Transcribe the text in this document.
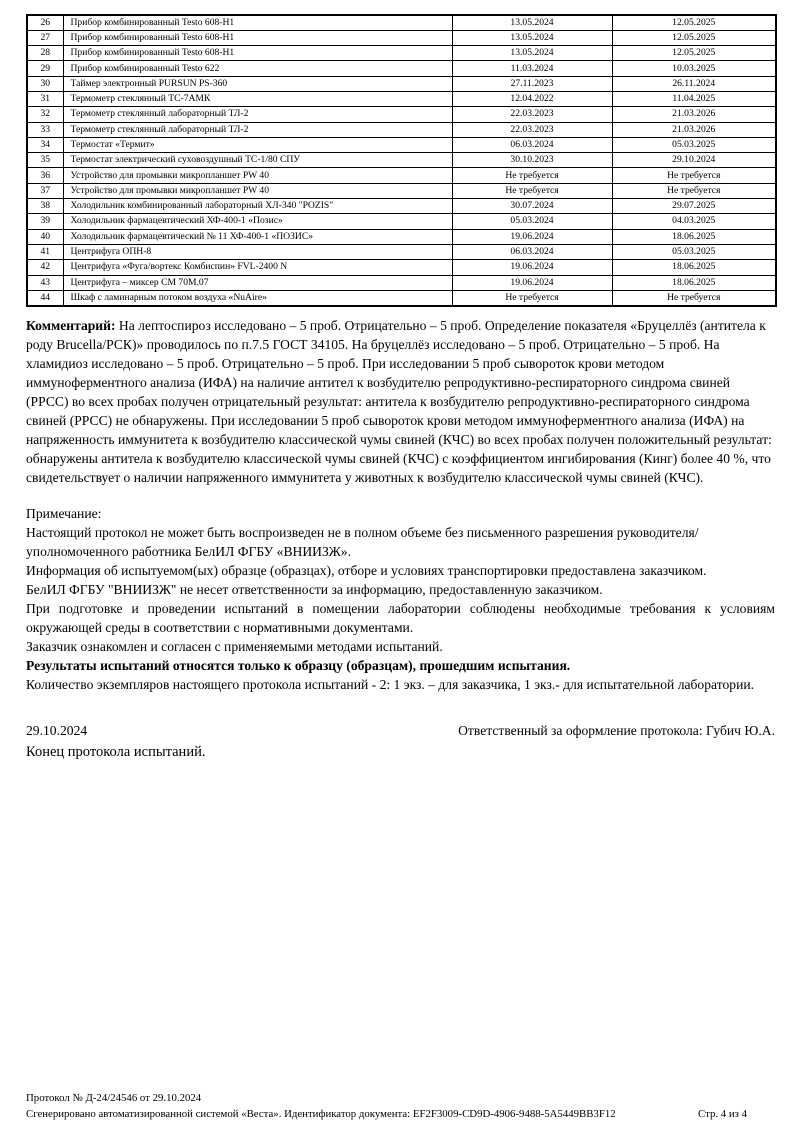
26	Прибор комбинированный Testo 608-Н1	13.05.2024	12.05.2025
27	Прибор комбинированный Testo 608-Н1	13.05.2024	12.05.2025
28	Прибор комбинированный Testo 608-Н1	13.05.2024	12.05.2025
29	Прибор комбинированный Testo 622	11.03.2024	10.03.2025
30	Таймер электронный PURSUN PS-360	27.11.2023	26.11.2024
31	Термометр стеклянный ТС-7АМК	12.04.2022	11.04.2025
32	Термометр стеклянный лабораторный ТЛ-2	22.03.2023	21.03.2026
33	Термометр стеклянный лабораторный ТЛ-2	22.03.2023	21.03.2026
34	Термостат «Термит»	06.03.2024	05.03.2025
35	Термостат электрический суховоздушный ТС-1/80 СПУ	30.10.2023	29.10.2024
36	Устройство для промывки микропланшет PW 40	Не требуется	Не требуется
37	Устройство для промывки микропланшет PW 40	Не требуется	Не требуется
38	Холодильник комбинированный лабораторный ХЛ-340 "POZIS"	30.07.2024	29.07.2025
39	Холодильник фармацевтический ХФ-400-1 «Позис»	05.03.2024	04.03.2025
40	Холодильник фармацевтический № 11 ХФ-400-1 «ПОЗИС»	19.06.2024	18.06.2025
41	Центрифуга ОПН-8	06.03.2024	05.03.2025
42	Центрифуга «Фуга/вортекс Комбиспин» FVL-2400 N	19.06.2024	18.06.2025
43	Центрифуга – миксер СМ 70М.07	19.06.2024	18.06.2025
44	Шкаф с ламинарным потоком воздуха «NuAire»	Не требуется	Не требуется

Комментарий: На лептоспироз исследовано – 5 проб. Отрицательно – 5 проб. Определение показателя «Бруцеллёз (антитела к роду Brucella/РСК)» проводилось по п.7.5 ГОСТ 34105. На бруцеллёз исследовано – 5 проб. Отрицательно – 5 проб. На хламидиоз исследовано – 5 проб. Отрицательно – 5 проб. При исследовании 5 проб сывороток крови методом иммуноферментного анализа (ИФА) на наличие антител к возбудителю репродуктивно-респираторного синдрома свиней (РРСС) во всех пробах получен отрицательный результат: антитела к возбудителю репродуктивно-респираторного синдрома свиней (РРСС) не обнаружены. При исследовании 5 проб сывороток крови методом иммуноферментного анализа (ИФА) на напряженность иммунитета к возбудителю классической чумы свиней (КЧС) во всех пробах получен положительный результат: обнаружены антитела к возбудителю классической чумы свиней (КЧС) с коэффициентом ингибирования (Кинг) более 40 %, что свидетельствует о наличии напряженного иммунитета у животных к возбудителю классической чумы свиней (КЧС).

Примечание:

Настоящий протокол не может быть воспроизведен не в полном объеме без письменного разрешения руководителя/уполномоченного работника БелИЛ ФГБУ «ВНИИЗЖ».

Информация об испытуемом(ых) образце (образцах), отборе и условиях транспортировки предоставлена заказчиком.

БелИЛ ФГБУ "ВНИИЗЖ" не несет ответственности за информацию, предоставленную заказчиком.

При подготовке и проведении испытаний в помещении лаборатории соблюдены необходимые требования к условиям окружающей среды в соответствии с нормативными документами.

Заказчик ознакомлен и согласен с применяемыми методами испытаний.

Результаты испытаний относятся только к образцу (образцам), прошедшим испытания.

Количество экземпляров настоящего протокола испытаний - 2: 1 экз. – для заказчика, 1 экз.- для испытательной лаборатории.

29.10.2024	Ответственный за оформление протокола: Губич Ю.А.

Конец протокола испытаний.

Протокол № Д-24/24546 от 29.10.2024
Сгенерировано автоматизированной системой «Веста». Идентификатор документа: EF2F3009-CD9D-4906-9488-5A5449BB3F12	Стр. 4 из 4
